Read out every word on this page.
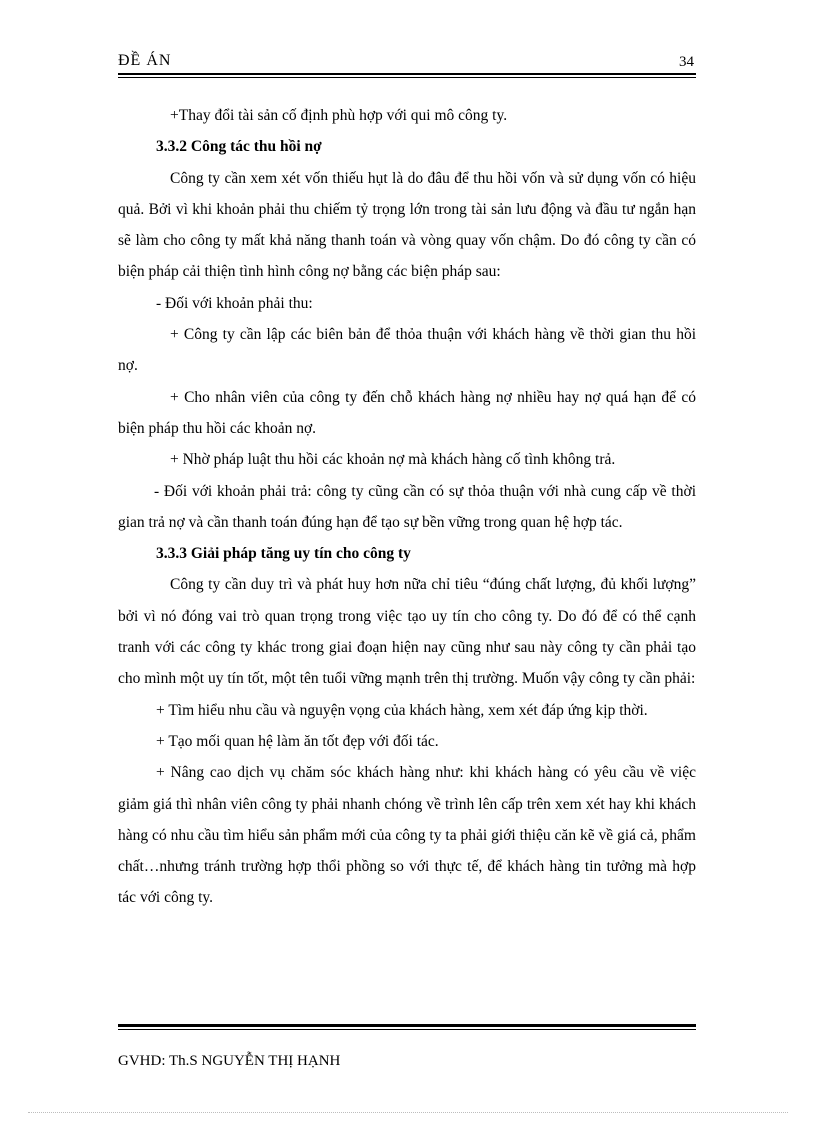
ĐỀ ÁN	34

+Thay đổi tài sản cố định phù hợp với qui mô công ty.

3.3.2 Công tác thu hồi nợ

Công ty cần xem xét vốn thiếu hụt là do đâu để thu hồi vốn và sử dụng vốn có hiệu quả. Bởi vì khi khoản phải thu chiếm tỷ trọng lớn trong tài sản lưu động và đầu tư ngắn hạn sẽ làm cho công ty mất khả năng thanh toán và vòng quay vốn chậm. Do đó công ty cần có biện pháp cải thiện tình hình công nợ bằng các biện pháp sau:

- Đối với khoản phải thu:

+ Công ty cần lập các biên bản để thỏa thuận với khách hàng về thời gian thu hồi nợ.

+ Cho nhân viên của công ty đến chỗ khách hàng nợ nhiều hay nợ quá hạn để có biện pháp thu hồi các khoản nợ.

+ Nhờ pháp luật thu hồi các khoản nợ mà khách hàng cố tình không trả.

- Đối với khoản phải trả: công ty cũng cần có sự thỏa thuận với nhà cung cấp về thời gian trả nợ và cần thanh toán đúng hạn để tạo sự bền vững trong quan hệ hợp tác.

3.3.3 Giải pháp tăng uy tín cho công ty

Công ty cần duy trì và phát huy hơn nữa chỉ tiêu “đúng chất lượng, đủ khối lượng” bởi vì nó đóng vai trò quan trọng trong việc tạo uy tín cho công ty. Do đó để có thể cạnh tranh với các công ty khác trong giai đoạn hiện nay cũng như sau này công ty cần phải tạo cho mình một uy tín tốt, một tên tuổi vững mạnh trên thị trường. Muốn vậy công ty cần phải:

+ Tìm hiểu nhu cầu và nguyện vọng của khách hàng, xem xét đáp ứng kịp thời.

+ Tạo mối quan hệ làm ăn tốt đẹp với đối tác.

+ Nâng cao dịch vụ chăm sóc khách hàng như: khi khách hàng có yêu cầu về việc giảm giá thì nhân viên công ty phải nhanh chóng về trình lên cấp trên xem xét hay khi khách hàng có nhu cầu tìm hiểu sản phẩm mới của công ty ta phải giới thiệu căn kẽ về giá cả, phẩm chất…nhưng tránh trường hợp thổi phồng so với thực tế, để khách hàng tin tưởng mà hợp tác với công ty.

GVHD: Th.S NGUYỄN THỊ HẠNH
